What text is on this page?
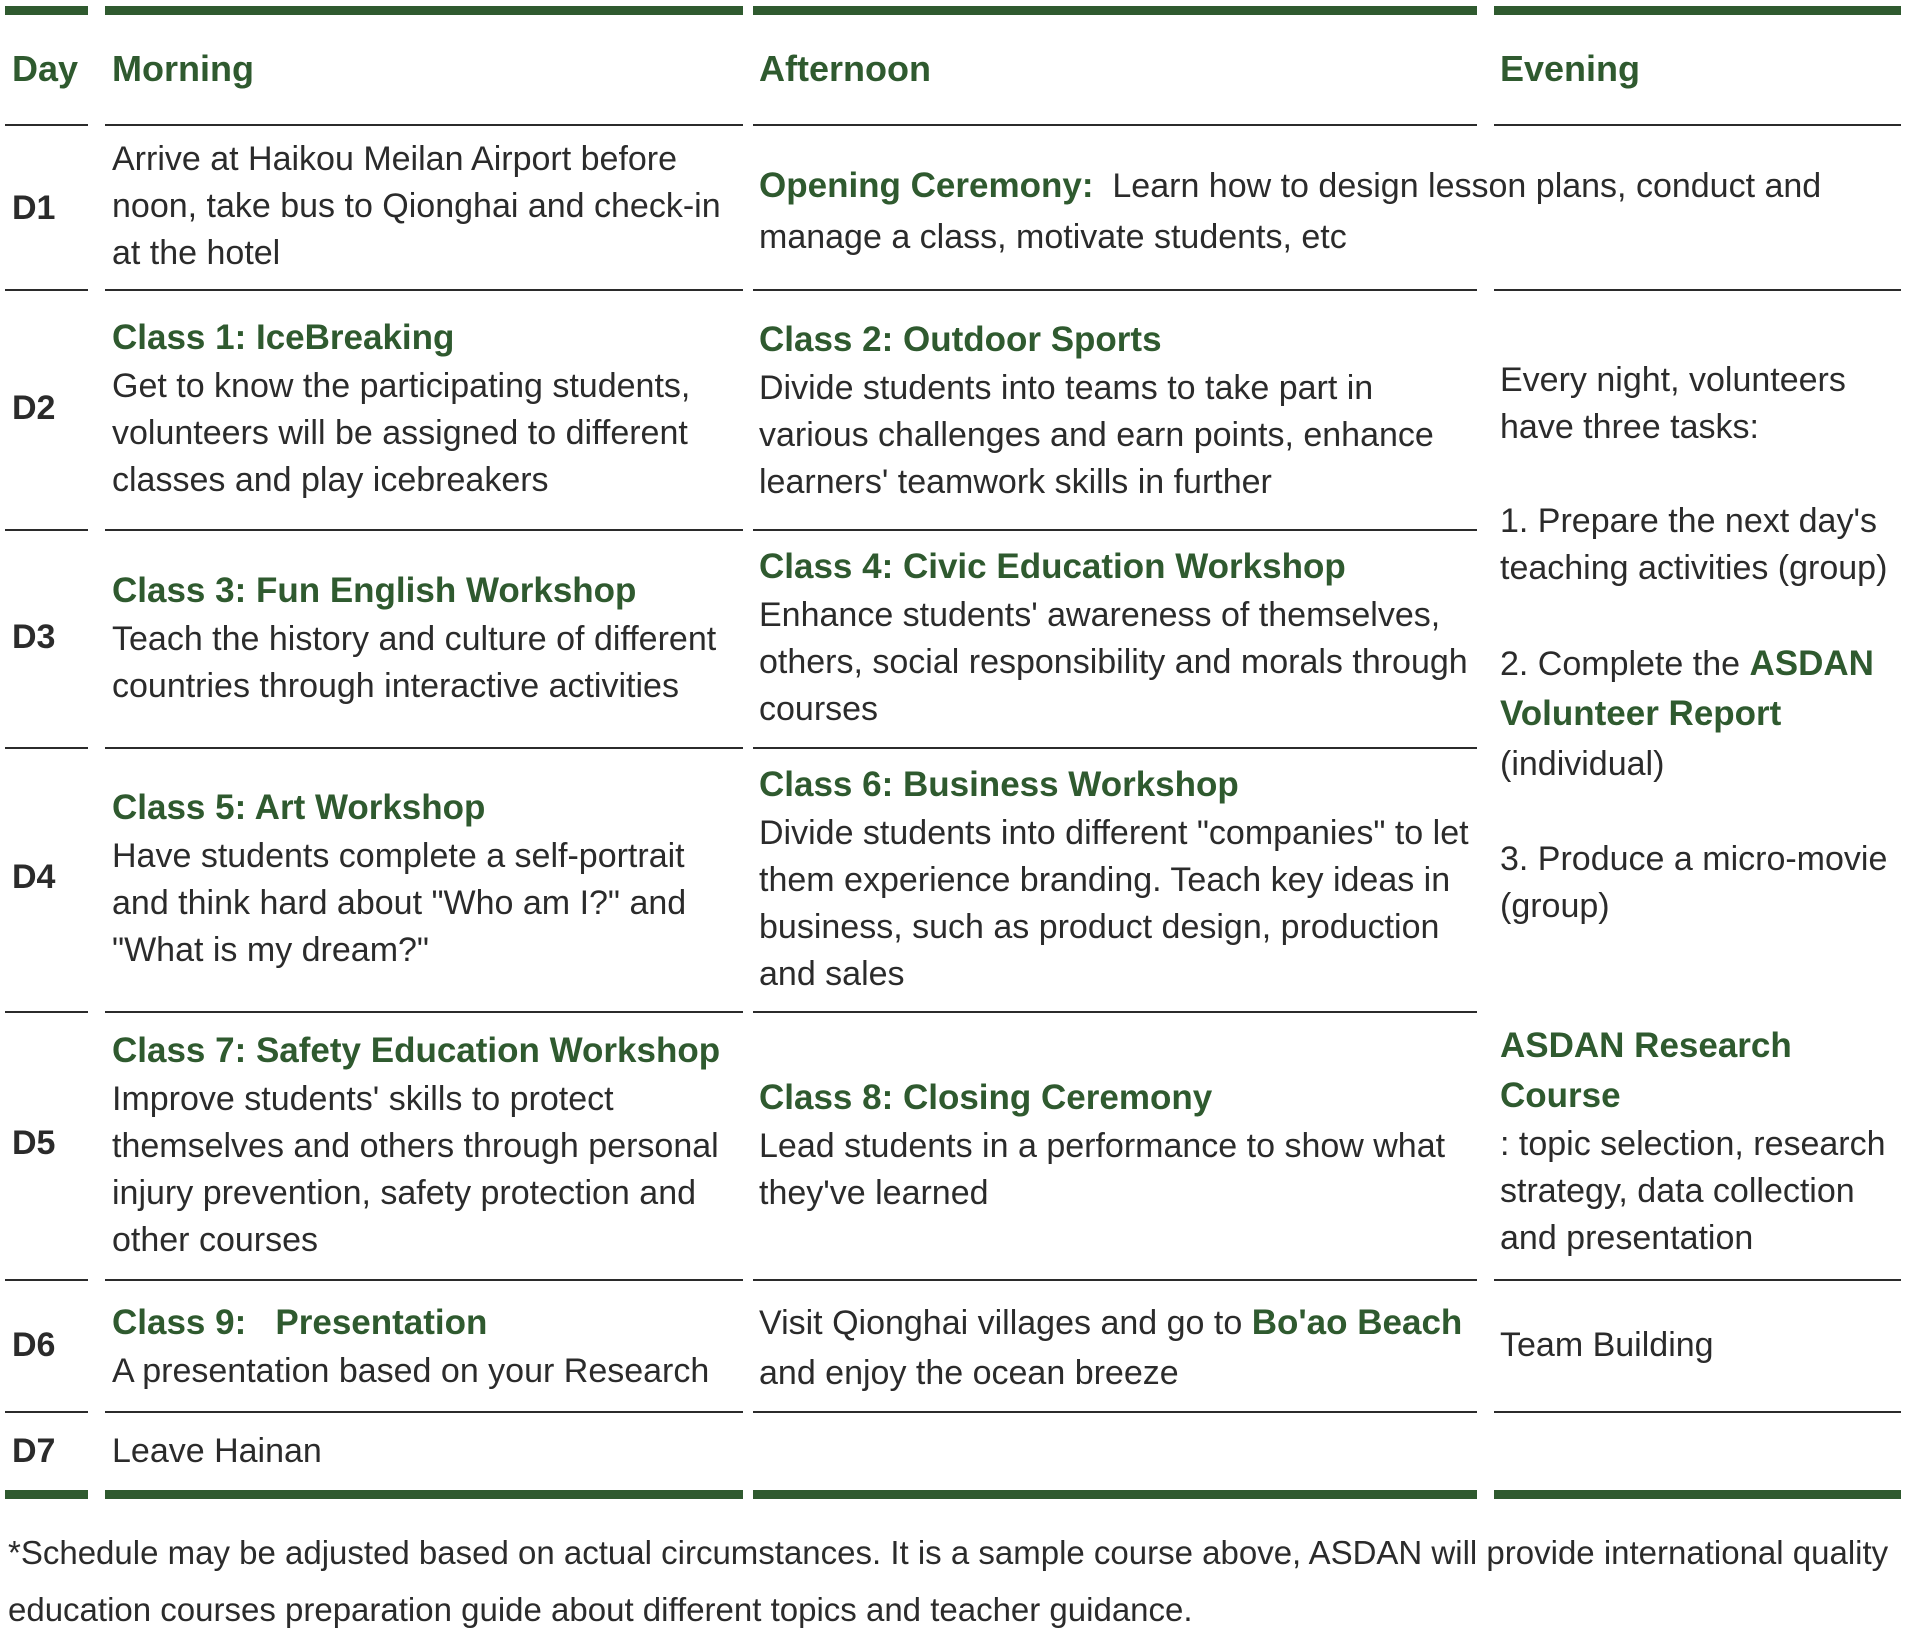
Day Morning	Afternoon	Evening
D1
Arrive at Haikou Meilan Airport before noon, take bus to Qionghai and check-in at the hotel
Opening Ceremony: Learn how to design lesson plans, conduct and manage a class, motivate students, etc
D2
Class 1: IceBreaking
Get to know the participating students, volunteers will be assigned to different classes and play icebreakers
Class 2: Outdoor Sports
Divide students into teams to take part in various challenges and earn points, enhance learners' teamwork skills in further
D3
Class 3: Fun English Workshop
Teach the history and culture of different countries through interactive activities
Class 4: Civic Education Workshop
Enhance students' awareness of themselves, others, social responsibility and morals through courses
D4
Class 5: Art Workshop
Have students complete a self-portrait and think hard about "Who am I?" and "What is my dream?"
Class 6: Business Workshop
Divide students into different "companies" to let them experience branding. Teach key ideas in business, such as product design, production and sales
D5
Class 7: Safety Education Workshop
Improve students' skills to protect themselves and others through personal injury prevention, safety protection and other courses
Class 8: Closing Ceremony
Lead students in a performance to show what they've learned
Every night, volunteers have three tasks:
1. Prepare the next day's teaching activities (group)
2. Complete the ASDAN Volunteer Report
(individual)
3. Produce a micro-movie (group)
ASDAN Research Course
: topic selection, research strategy, data collection and presentation
D6
Class 9:   Presentation
A presentation based on your Research
Visit Qionghai villages and go to Bo'ao Beach and enjoy the ocean breeze
Team Building
D7 Leave Hainan
*Schedule may be adjusted based on actual circumstances. It is a sample course above, ASDAN will provide international quality education courses preparation guide about different topics and teacher guidance.
